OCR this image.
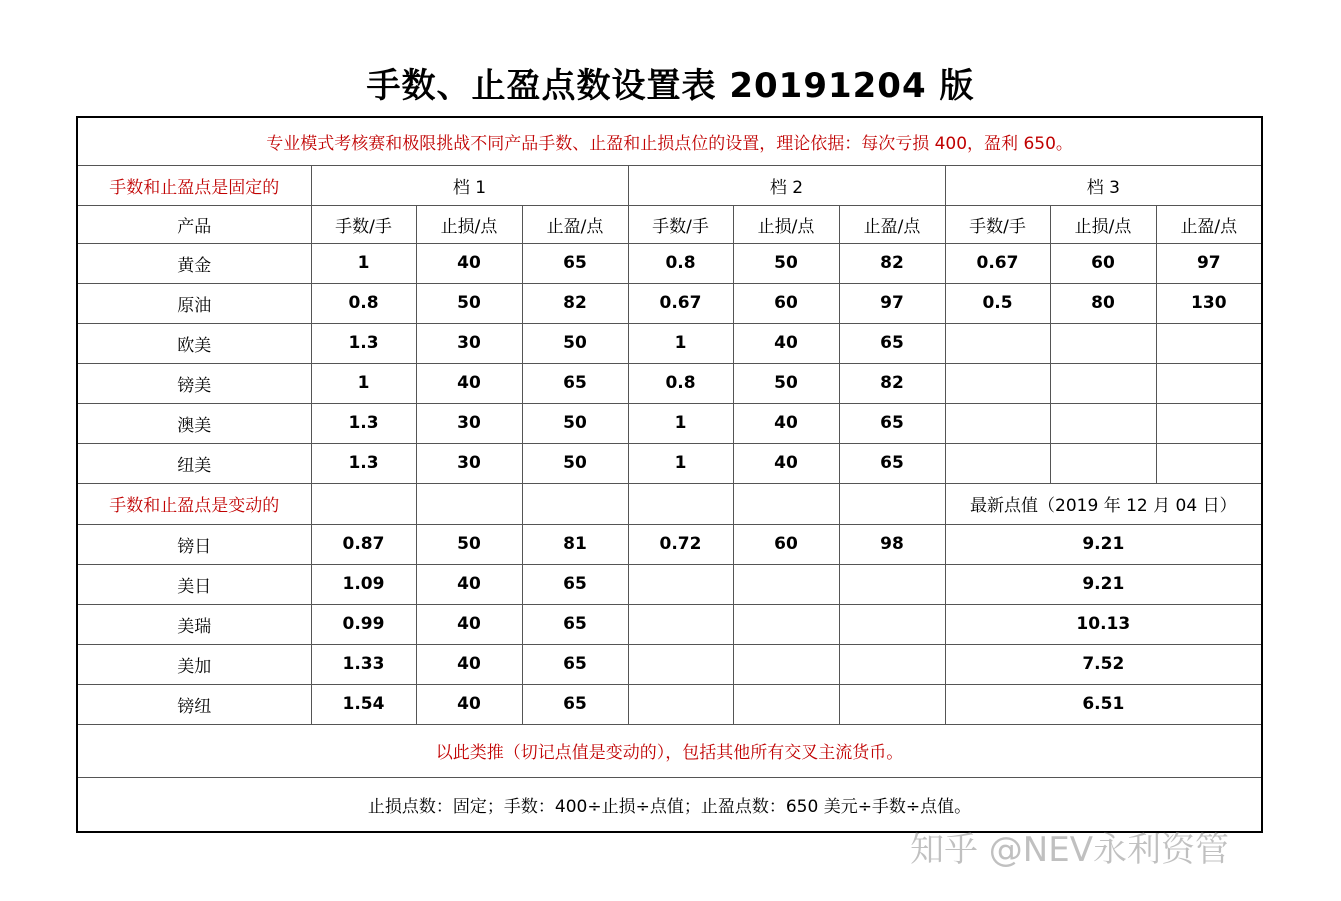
手数、止盈点数设置表 20191204 版
专业模式考核赛和极限挑战不同产品手数、止盈和止损点位的设置，理论依据：每次亏损 400，盈利 650。									
手数和止盈点是固定的	档 1			档 2			档 3		
产品	手数/手	止损/点	止盈/点	手数/手	止损/点	止盈/点	手数/手	止损/点	止盈/点
黄金	1	40	65	0.8	50	82	0.67	60	97
原油	0.8	50	82	0.67	60	97	0.5	80	130
欧美	1.3	30	50	1	40	65			
镑美	1	40	65	0.8	50	82			
澳美	1.3	30	50	1	40	65			
纽美	1.3	30	50	1	40	65			
手数和止盈点是变动的							最新点值（2019 年 12 月 04 日）		
镑日	0.87	50	81	0.72	60	98	9.21		
美日	1.09	40	65				9.21		
美瑞	0.99	40	65				10.13		
美加	1.33	40	65				7.52		
镑纽	1.54	40	65				6.51		
以此类推（切记点值是变动的），包括其他所有交叉主流货币。									
止损点数：固定；手数：400÷止损÷点值；止盈点数：650 美元÷手数÷点值。									
知乎 @NEV永利资管
